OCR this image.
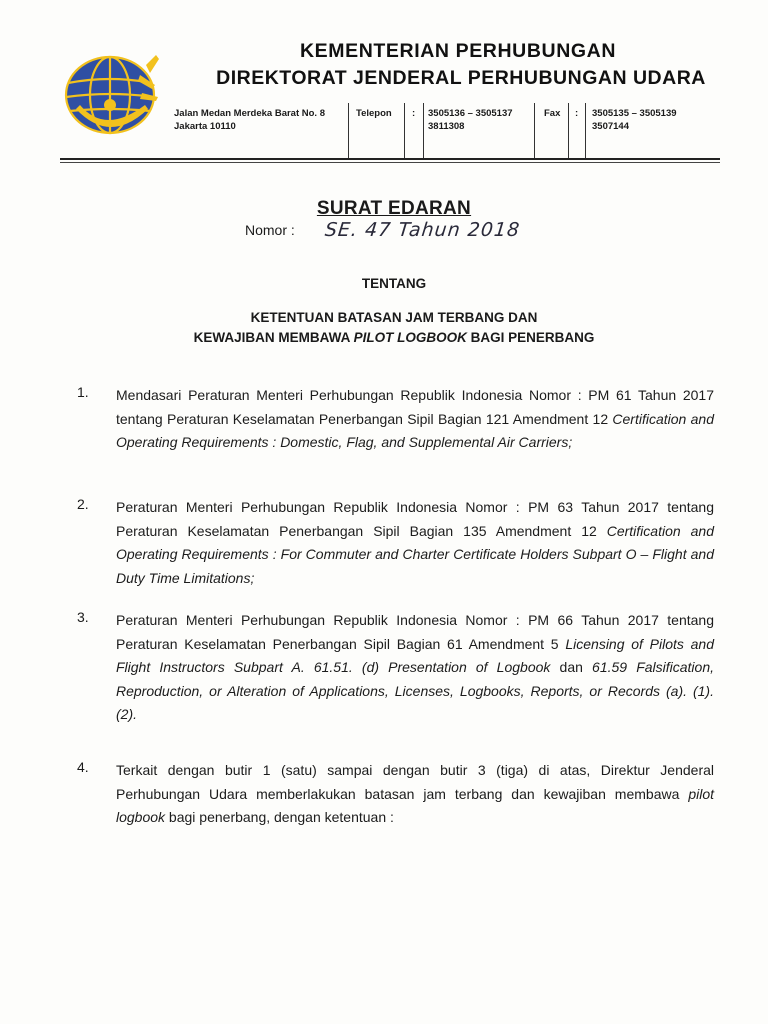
KEMENTERIAN PERHUBUNGAN
DIREKTORAT JENDERAL PERHUBUNGAN UDARA
Jalan Medan Merdeka Barat No. 8
Jakarta 10110
Telepon	:	3505136 – 3505137
3811308
Fax	:	3505135 – 3505139
3507144
SURAT EDARAN
Nomor : SE. 47 Tahun 2018
TENTANG
KETENTUAN BATASAN JAM TERBANG DAN
KEWAJIBAN MEMBAWA PILOT LOGBOOK BAGI PENERBANG
1. Mendasari Peraturan Menteri Perhubungan Republik Indonesia Nomor : PM 61 Tahun 2017 tentang Peraturan Keselamatan Penerbangan Sipil Bagian 121 Amendment 12 Certification and Operating Requirements : Domestic, Flag, and Supplemental Air Carriers;
2. Peraturan Menteri Perhubungan Republik Indonesia Nomor : PM 63 Tahun 2017 tentang Peraturan Keselamatan Penerbangan Sipil Bagian 135 Amendment 12 Certification and Operating Requirements : For Commuter and Charter Certificate Holders Subpart O – Flight and Duty Time Limitations;
3. Peraturan Menteri Perhubungan Republik Indonesia Nomor : PM 66 Tahun 2017 tentang Peraturan Keselamatan Penerbangan Sipil Bagian 61 Amendment 5 Licensing of Pilots and Flight Instructors Subpart A. 61.51. (d) Presentation of Logbook dan 61.59 Falsification, Reproduction, or Alteration of Applications, Licenses, Logbooks, Reports, or Records (a). (1). (2).
4. Terkait dengan butir 1 (satu) sampai dengan butir 3 (tiga) di atas, Direktur Jenderal Perhubungan Udara memberlakukan batasan jam terbang dan kewajiban membawa pilot logbook bagi penerbang, dengan ketentuan :
